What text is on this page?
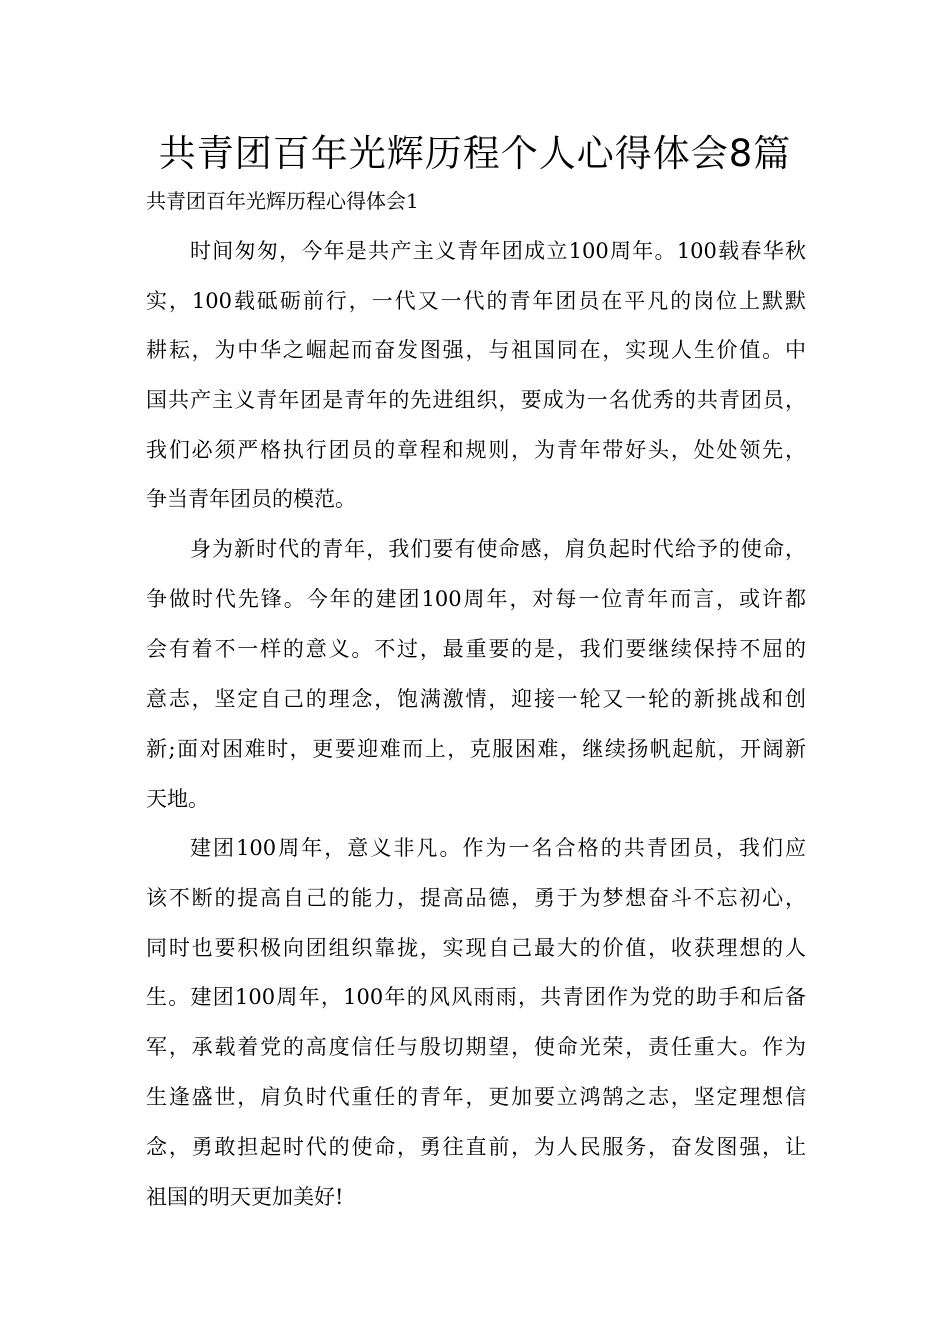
共青团百年光辉历程个人心得体会8篇
共青团百年光辉历程心得体会1
时间匆匆，今年是共产主义青年团成立100周年。100载春华秋
实，100载砥砺前行，一代又一代的青年团员在平凡的岗位上默默
耕耘，为中华之崛起而奋发图强，与祖国同在，实现人生价值。中
国共产主义青年团是青年的先进组织，要成为一名优秀的共青团员，
我们必须严格执行团员的章程和规则，为青年带好头，处处领先，
争当青年团员的模范。
身为新时代的青年，我们要有使命感，肩负起时代给予的使命，
争做时代先锋。今年的建团100周年，对每一位青年而言，或许都
会有着不一样的意义。不过，最重要的是，我们要继续保持不屈的
意志，坚定自己的理念，饱满激情，迎接一轮又一轮的新挑战和创
新;面对困难时，更要迎难而上，克服困难，继续扬帆起航，开阔新
天地。
建团100周年，意义非凡。作为一名合格的共青团员，我们应
该不断的提高自己的能力，提高品德，勇于为梦想奋斗不忘初心，
同时也要积极向团组织靠拢，实现自己最大的价值，收获理想的人
生。建团100周年，100年的风风雨雨，共青团作为党的助手和后备
军，承载着党的高度信任与殷切期望，使命光荣，责任重大。作为
生逢盛世，肩负时代重任的青年，更加要立鸿鹄之志，坚定理想信
念，勇敢担起时代的使命，勇往直前，为人民服务，奋发图强，让
祖国的明天更加美好!
